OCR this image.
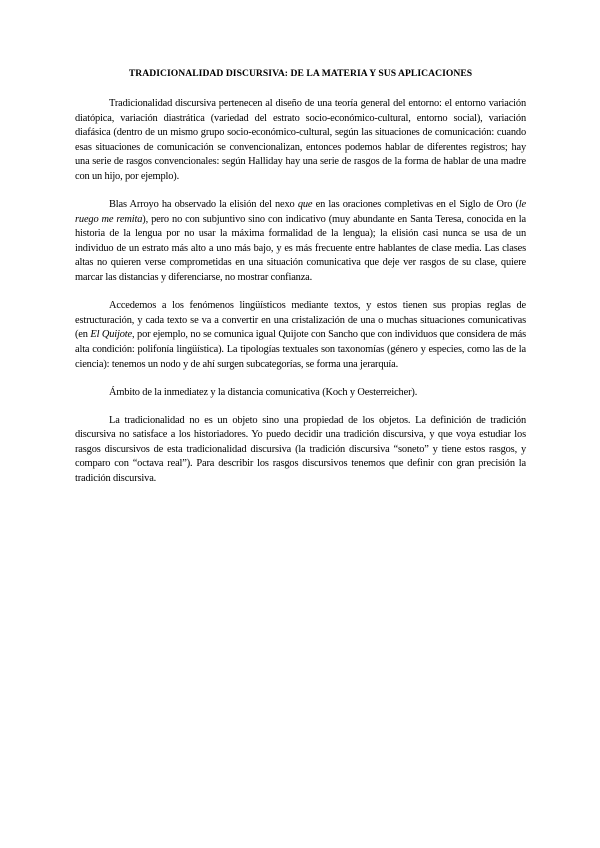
TRADICIONALIDAD DISCURSIVA: DE LA MATERIA Y SUS APLICACIONES

Tradicionalidad discursiva pertenecen al diseño de una teoría general del entorno: el entorno variación diatópica, variación diastrática (variedad del estrato socio-económico-cultural, entorno social), variación diafásica (dentro de un mismo grupo socio-económico-cultural, según las situaciones de comunicación: cuando esas situaciones de comunicación se convencionalizan, entonces podemos hablar de diferentes registros; hay una serie de rasgos convencionales: según Halliday hay una serie de rasgos de la forma de hablar de una madre con un hijo, por ejemplo).

Blas Arroyo ha observado la elisión del nexo que en las oraciones completivas en el Siglo de Oro (le ruego me remita), pero no con subjuntivo sino con indicativo (muy abundante en Santa Teresa, conocida en la historia de la lengua por no usar la máxima formalidad de la lengua); la elisión casi nunca se usa de un individuo de un estrato más alto a uno más bajo, y es más frecuente entre hablantes de clase media. Las clases altas no quieren verse comprometidas en una situación comunicativa que deje ver rasgos de su clase, quiere marcar las distancias y diferenciarse, no mostrar confianza.

Accedemos a los fenómenos lingüísticos mediante textos, y estos tienen sus propias reglas de estructuración, y cada texto se va a convertir en una cristalización de una o muchas situaciones comunicativas (en El Quijote, por ejemplo, no se comunica igual Quijote con Sancho que con individuos que considera de más alta condición: polifonía lingüística). La tipologías textuales son taxonomías (género y especies, como las de la ciencia): tenemos un nodo y de ahí surgen subcategorías, se forma una jerarquía.

Ámbito de la inmediatez y la distancia comunicativa (Koch y Oesterreicher).

La tradicionalidad no es un objeto sino una propiedad de los objetos. La definición de tradición discursiva no satisface a los historiadores. Yo puedo decidir una tradición discursiva, y que voya estudiar los rasgos discursivos de esta tradicionalidad discursiva (la tradición discursiva “soneto” y tiene estos rasgos, y comparo con “octava real”). Para describir los rasgos discursivos tenemos que definir con gran precisión la tradición discursiva.
